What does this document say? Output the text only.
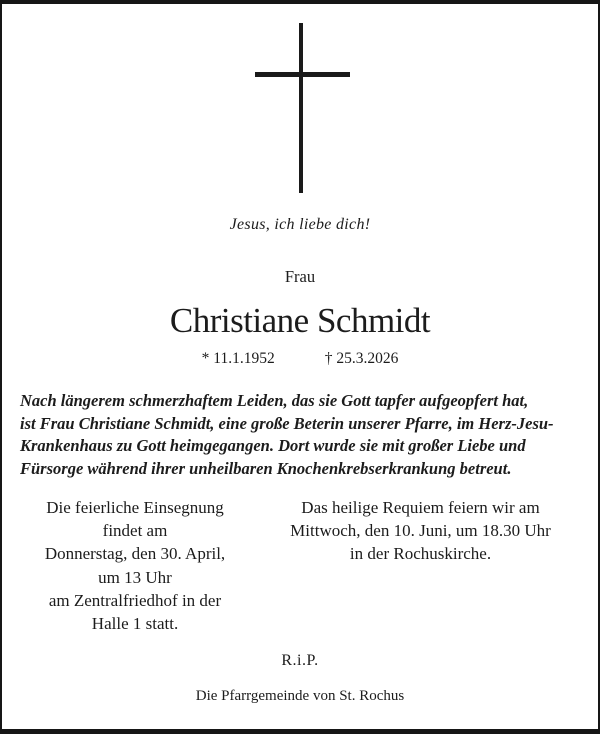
Jesus, ich liebe dich!
Frau
Christiane Schmidt
* 11.1.1952	† 25.3.2026
Nach längerem schmerzhaftem Leiden, das sie Gott tapfer aufgeopfert hat,
ist Frau Christiane Schmidt, eine große Beterin unserer Pfarre, im Herz-Jesu-
Krankenhaus zu Gott heimgegangen. Dort wurde sie mit großer Liebe und
Fürsorge während ihrer unheilbaren Knochenkrebserkrankung betreut.
Die feierliche Einsegnung
findet am
Donnerstag, den 30. April,
um 13 Uhr
am Zentralfriedhof in der
Halle 1 statt.
Das heilige Requiem feiern wir am
Mittwoch, den 10. Juni, um 18.30 Uhr
in der Rochuskirche.
R.i.P.
Die Pfarrgemeinde von St. Rochus
